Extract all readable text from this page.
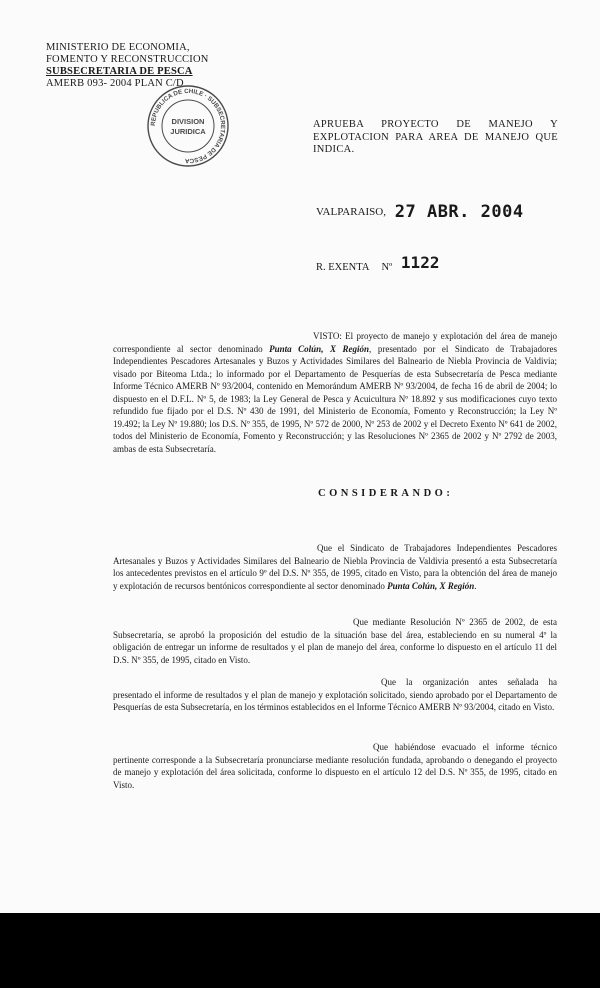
MINISTERIO DE ECONOMIA,
FOMENTO Y RECONSTRUCCION
SUBSECRETARIA DE PESCA
AMERB 093- 2004 PLAN C/D
REPUBLICA DE CHILE · SUBSECRETARIA DE PESCA
DIVISION
JURIDICA
APRUEBA PROYECTO DE MANEJO Y EXPLOTACION PARA AREA DE MANEJO QUE INDICA.
VALPARAISO, 27 ABR. 2004
R. EXENTA Nº 1122
VISTO: El proyecto de manejo y explotación del área de manejo correspondiente al sector denominado Punta Colún, X Región, presentado por el Sindicato de Trabajadores Independientes Pescadores Artesanales y Buzos y Actividades Similares del Balneario de Niebla Provincia de Valdivia; visado por Biteoma Ltda.; lo informado por el Departamento de Pesquerías de esta Subsecretaría de Pesca mediante Informe Técnico AMERB Nº 93/2004, contenido en Memorándum AMERB Nº 93/2004, de fecha 16 de abril de 2004; lo dispuesto en el D.F.L. Nº 5, de 1983; la Ley General de Pesca y Acuicultura Nº 18.892 y sus modificaciones cuyo texto refundido fue fijado por el D.S. Nº 430 de 1991, del Ministerio de Economía, Fomento y Reconstrucción; la Ley Nº 19.492; la Ley Nº 19.880; los D.S. Nº 355, de 1995, Nº 572 de 2000, Nº 253 de 2002 y el Decreto Exento Nº 641 de 2002, todos del Ministerio de Economía, Fomento y Reconstrucción; y las Resoluciones Nº 2365 de 2002 y Nº 2792 de 2003, ambas de esta Subsecretaría.
CONSIDERANDO:
Que el Sindicato de Trabajadores Independientes Pescadores Artesanales y Buzos y Actividades Similares del Balneario de Niebla Provincia de Valdivia presentó a esta Subsecretaría los antecedentes previstos en el artículo 9º del D.S. Nº 355, de 1995, citado en Visto, para la obtención del área de manejo y explotación de recursos bentónicos correspondiente al sector denominado Punta Colún, X Región.
Que mediante Resolución Nº 2365 de 2002, de esta Subsecretaría, se aprobó la proposición del estudio de la situación base del área, estableciendo en su numeral 4º la obligación de entregar un informe de resultados y el plan de manejo del área, conforme lo dispuesto en el artículo 11 del D.S. Nº 355, de 1995, citado en Visto.
Que la organización antes señalada ha presentado el informe de resultados y el plan de manejo y explotación solicitado, siendo aprobado por el Departamento de Pesquerías de esta Subsecretaría, en los términos establecidos en el Informe Técnico AMERB Nº 93/2004, citado en Visto.
Que habiéndose evacuado el informe técnico pertinente corresponde a la Subsecretaría pronunciarse mediante resolución fundada, aprobando o denegando el proyecto de manejo y explotación del área solicitada, conforme lo dispuesto en el artículo 12 del D.S. Nº 355, de 1995, citado en Visto.
